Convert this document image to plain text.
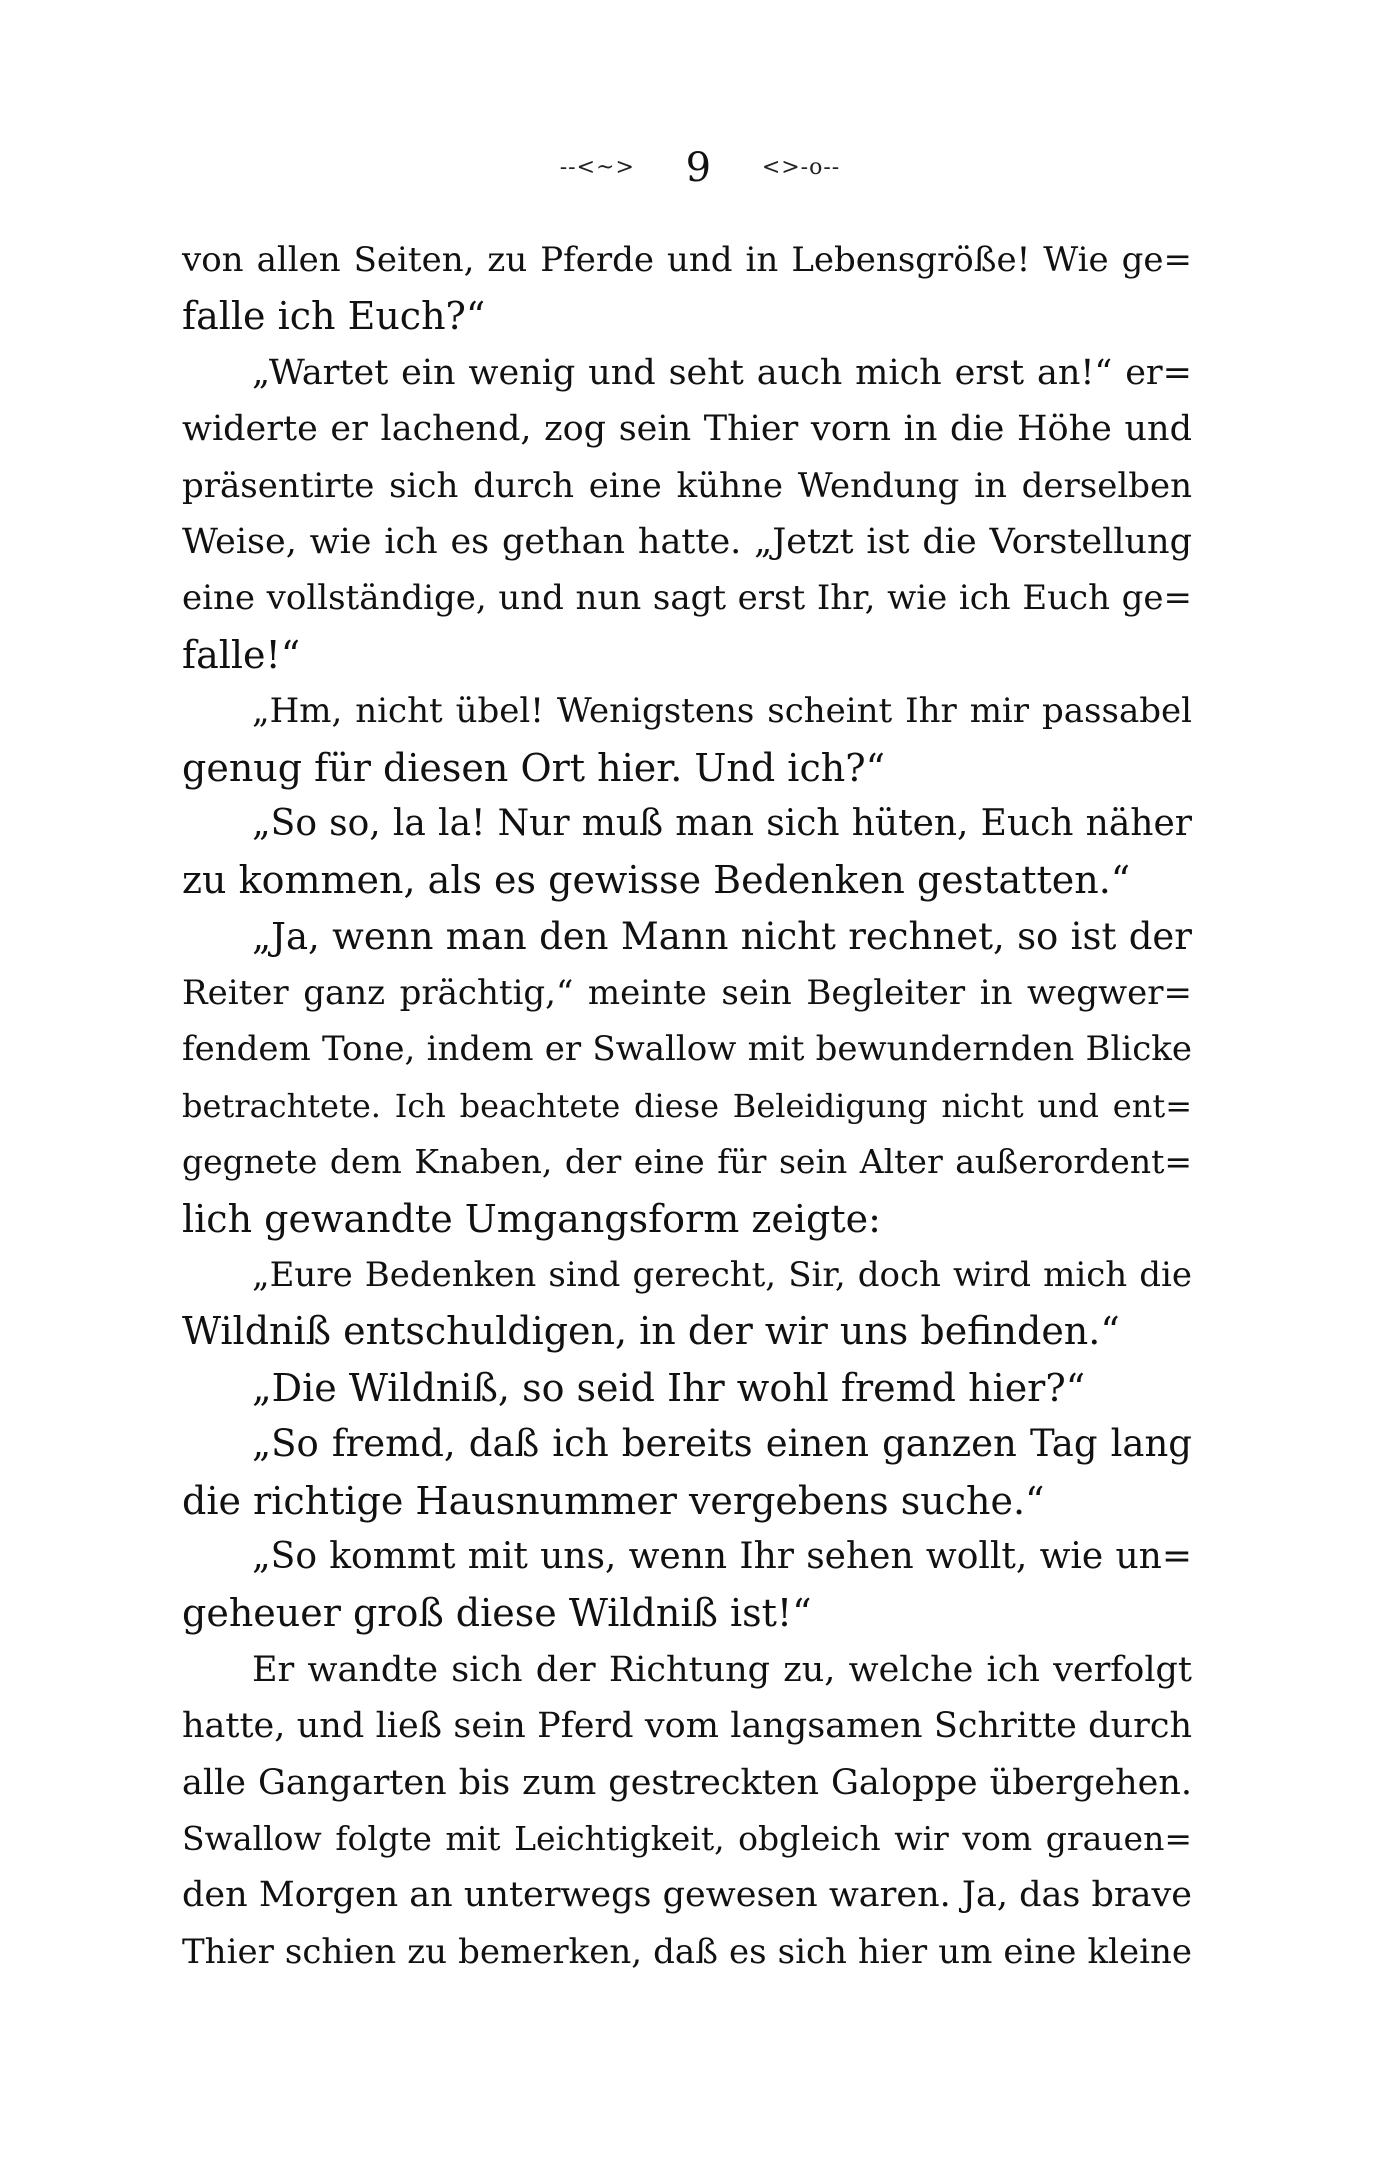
--<~> 9 <>-o--
von allen Seiten, zu Pferde und in Lebensgröße! Wie ge=
falle ich Euch?“
„Wartet ein wenig und seht auch mich erst an!“ er=
widerte er lachend, zog sein Thier vorn in die Höhe und
präsentirte sich durch eine kühne Wendung in derselben
Weise, wie ich es gethan hatte. „Jetzt ist die Vorstellung
eine vollständige, und nun sagt erst Ihr, wie ich Euch ge=
falle!“
„Hm, nicht übel! Wenigstens scheint Ihr mir passabel
genug für diesen Ort hier. Und ich?“
„So so, la la! Nur muß man sich hüten, Euch näher
zu kommen, als es gewisse Bedenken gestatten.“
„Ja, wenn man den Mann nicht rechnet, so ist der
Reiter ganz prächtig,“ meinte sein Begleiter in wegwer=
fendem Tone, indem er Swallow mit bewundernden Blicke
betrachtete. Ich beachtete diese Beleidigung nicht und ent=
gegnete dem Knaben, der eine für sein Alter außerordent=
lich gewandte Umgangsform zeigte:
„Eure Bedenken sind gerecht, Sir, doch wird mich die
Wildniß entschuldigen, in der wir uns befinden.“
„Die Wildniß, so seid Ihr wohl fremd hier?“
„So fremd, daß ich bereits einen ganzen Tag lang
die richtige Hausnummer vergebens suche.“
„So kommt mit uns, wenn Ihr sehen wollt, wie un=
geheuer groß diese Wildniß ist!“
Er wandte sich der Richtung zu, welche ich verfolgt
hatte, und ließ sein Pferd vom langsamen Schritte durch
alle Gangarten bis zum gestreckten Galoppe übergehen.
Swallow folgte mit Leichtigkeit, obgleich wir vom grauen=
den Morgen an unterwegs gewesen waren. Ja, das brave
Thier schien zu bemerken, daß es sich hier um eine kleine
